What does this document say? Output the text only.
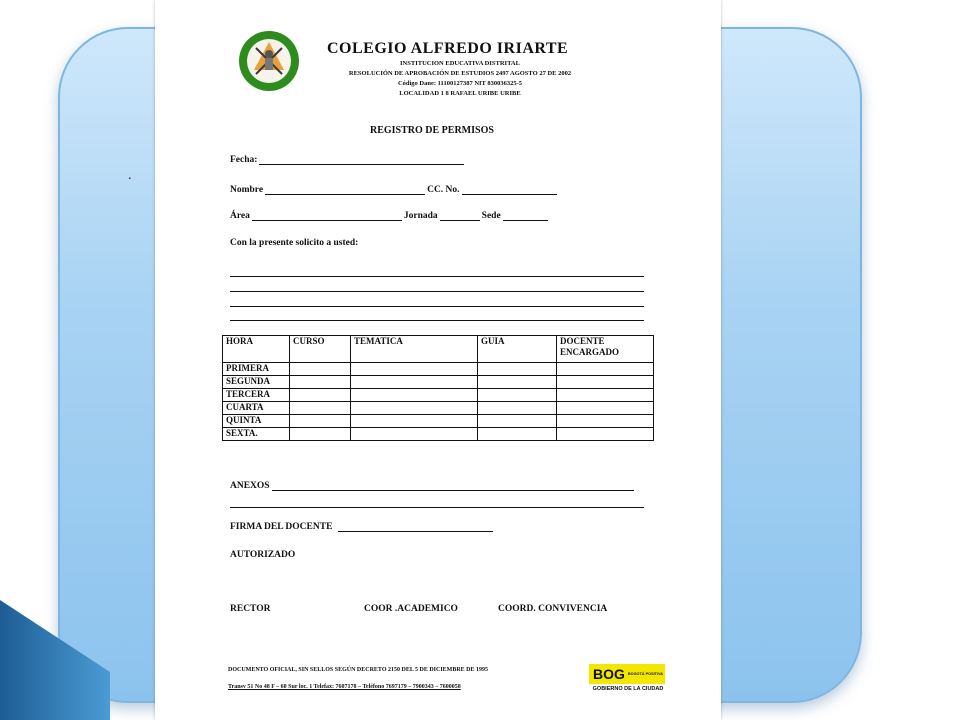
.
COLEGIO ALFREDO IRIARTE
INSTITUCION EDUCATIVA DISTRITAL
RESOLUCIÓN DE APROBACIÓN DE ESTUDIOS 2497 AGOSTO 27 DE 2002
Código Dane: 11100127387 NIT 830036325-5
LOCALIDAD 1 8 RAFAEL URIBE URIBE
REGISTRO DE PERMISOS
Fecha:
Nombre	CC. No.
Área	Jornada	Sede
Con la presente solicito a usted:
HORA	CURSO	TEMATICA	GUIA	DOCENTE ENCARGADO
PRIMERA				
SEGUNDA				
TERCERA				
CUARTA				
QUINTA				
SEXTA.				
ANEXOS
FIRMA DEL DOCENTE
AUTORIZADO
RECTOR	COOR .ACADEMICO	COORD. CONVIVENCIA
DOCUMENTO OFICIAL, SIN SELLOS SEGÚN DECRETO 2150 DEL 5 DE DICIEMBRE DE 1995
Transv 51 No 48 F – 60 Sur loc. 1 Telefax: 7607178 – Teléfono 7697179 – 7900343 – 7600058
BOG BOGOTÁ POSITIVA
GOBIERNO DE LA CIUDAD
